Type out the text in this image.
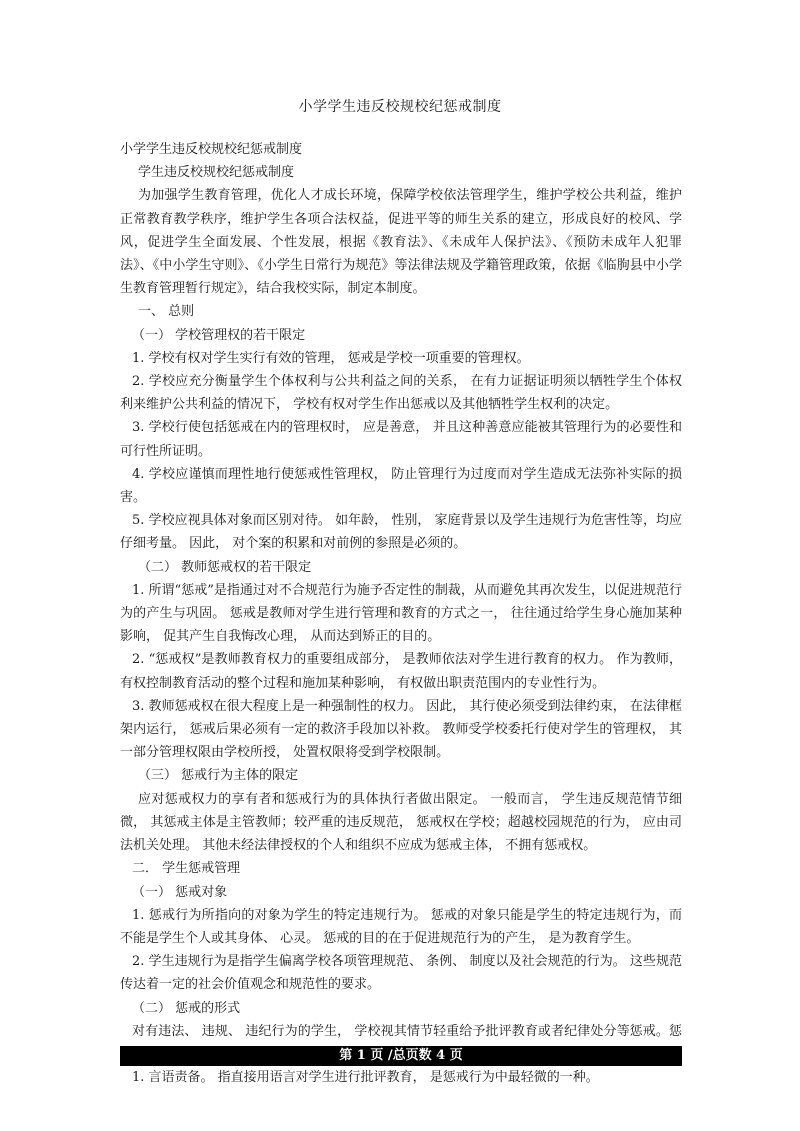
小学学生违反校规校纪惩戒制度

小学学生违反校规校纪惩戒制度

学生违反校规校纪惩戒制度

为加强学生教育管理，优化人才成长环境，保障学校依法管理学生，维护学校公共利益，维护正常教育教学秩序，维护学生各项合法权益，促进平等的师生关系的建立，形成良好的校风、学风，促进学生全面发展、个性发展，根据《教育法》、《未成年人保护法》、《预防未成年人犯罪法》、《中小学生守则》、《小学生日常行为规范》等法律法规及学籍管理政策，依据《临朐县中小学生教育管理暂行规定》，结合我校实际，制定本制度。

一、 总则

（一） 学校管理权的若干限定

1. 学校有权对学生实行有效的管理， 惩戒是学校一项重要的管理权。

2. 学校应充分衡量学生个体权利与公共利益之间的关系， 在有力证据证明须以牺牲学生个体权利来维护公共利益的情况下， 学校有权对学生作出惩戒以及其他牺牲学生权利的决定。

3. 学校行使包括惩戒在内的管理权时， 应是善意， 并且这种善意应能被其管理行为的必要性和可行性所证明。

4. 学校应谨慎而理性地行使惩戒性管理权， 防止管理行为过度而对学生造成无法弥补实际的损害。

5. 学校应视具体对象而区别对待。 如年龄， 性别， 家庭背景以及学生违规行为危害性等，均应仔细考量。 因此， 对个案的积累和对前例的参照是必须的。

（二） 教师惩戒权的若干限定

1. 所谓“惩戒”是指通过对不合规范行为施予否定性的制裁，从而避免其再次发生，以促进规范行为的产生与巩固。 惩戒是教师对学生进行管理和教育的方式之一， 往往通过给学生身心施加某种影响， 促其产生自我悔改心理， 从而达到矫正的目的。

2. “惩戒权”是教师教育权力的重要组成部分， 是教师依法对学生进行教育的权力。 作为教师， 有权控制教育活动的整个过程和施加某种影响， 有权做出职责范围内的专业性行为。

3. 教师惩戒权在很大程度上是一种强制性的权力。 因此， 其行使必须受到法律约束， 在法律框架内运行， 惩戒后果必须有一定的救济手段加以补救。 教师受学校委托行使对学生的管理权， 其一部分管理权限由学校所授， 处置权限将受到学校限制。

（三） 惩戒行为主体的限定

应对惩戒权力的享有者和惩戒行为的具体执行者做出限定。 一般而言， 学生违反规范情节细微， 其惩戒主体是主管教师；较严重的违反规范， 惩戒权在学校；超越校园规范的行为， 应由司法机关处理。 其他未经法律授权的个人和组织不应成为惩戒主体， 不拥有惩戒权。

二． 学生惩戒管理

（一） 惩戒对象

1. 惩戒行为所指向的对象为学生的特定违规行为。 惩戒的对象只能是学生的特定违规行为，而不能是学生个人或其身体、 心灵。 惩戒的目的在于促进规范行为的产生， 是为教育学生。

2. 学生违规行为是指学生偏离学校各项管理规范、 条例、 制度以及社会规范的行为。 这些规范传达着一定的社会价值观念和规范性的要求。

（二） 惩戒的形式

对有违法、 违规、 违纪行为的学生， 学校视其情节轻重给予批评教育或者纪律处分等惩戒。惩

1. 言语责备。 指直接用语言对学生进行批评教育， 是惩戒行为中最轻微的一种。

第 1 页 /总页数 4 页
